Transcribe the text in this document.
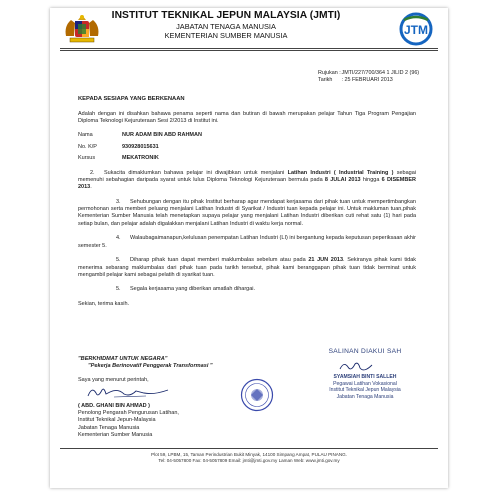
INSTITUT TEKNIKAL JEPUN MALAYSIA (JMTI)
JABATAN TENAGA MANUSIA
KEMENTERIAN SUMBER MANUSIA	JTM
Rujukan : JMTI/227/700/364 1 JILID 2 (96)
Tarikh : 25 FEBRUARI 2013

KEPADA SESIAPA YANG BERKENAAN

Adalah dengan ini disahkan bahawa penama seperti nama dan butiran di bawah merupakan pelajar Tahun Tiga Program Pengajian Diploma Teknologi Kejuruteraan Sesi 2/2013 di Institut ini.

Nama	NUR ADAM BIN ABD RAHMAN
No. K/P	930928015631
Kursus	MEKATRONIK

2. Sukacita dimaklumkan bahawa pelajar ini diwajibkan untuk menjalani Latihan Industri ( Industrial Training ) sebagai memenuhi sebahagian daripada syarat untuk lulus Diploma Teknologi Kejuruteraan bermula pada 8 JULAI 2013 hingga 6 DISEMBER 2013.

3. Sehubungan dengan itu pihak Institut berharap agar mendapat kerjasama dari pihak tuan untuk mempertimbangkan permohonan serta memberi peluang menjalani Latihan Industri di Syarikat / Industri tuan kepada pelajar ini. Untuk makluman tuan,pihak Kementerian Sumber Manusia telah menetapkan supaya pelajar yang menjalani Latihan Industri diberikan cuti rehat satu (1) hari pada setiap bulan, dan pelajar adalah digalakkan menjalani Latihan Industri di waktu kerja normal.

4. Walaubagaimanapun,kelulusan penempatan Latihan Industri (LI) ini bergantung kepada keputusan peperiksaan akhir semester 5.

5. Diharap pihak tuan dapat memberi maklumbalas sebelum atau pada 21 JUN 2013. Sekiranya pihak kami tidak menerima sebarang maklumbalas dari pihak tuan pada tarikh tersebut, pihak kami beranggapan pihak tuan tidak berminat untuk mengambil pelajar kami sebagai pelatih di syarikat tuan.

5. Segala kerjasama yang diberikan amatlah dihargai.

Sekian, terima kasih.

"BERKHIDMAT UNTUK NEGARA"
"Pekerja Berinovatif Penggerak Transformasi "
Saya yang menurut perintah,
( ABD. GHANI BIN AHMAD )
Penolong Pengarah Pengurusan Latihan,
Institut Teknikal Jepun-Malaysia
Jabatan Tenaga Manusia
Kementerian Sumber Manusia
SALINAN DIAKUI SAH
SYAMSIAH BINTI SALLEH
Pegawai Latihan Vokasional
Institut Teknikal Jepun Malaysia
Jabatan Tenaga Manusia
Plot 59, LPBM, 15, Taman Perindustrian Bukit Minyak, 14100 Simpang Ampat, PULAU PINANG.
Tel: 04-5057800 Fax: 04-5057809 Email: jmti@jmti.gov.my Laman Web: www.jmti.gov.my
